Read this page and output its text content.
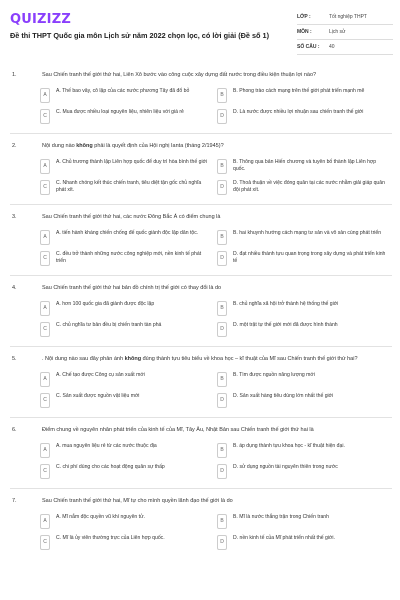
QUIZIZZ
Đề thi THPT Quốc gia môn Lịch sử năm 2022 chọn lọc, có lời giải (Đề số 1)
LỚP :	Tốt nghiệp THPT
MÔN :	Lịch sử
SỐ CÂU :	40
1.	Sau Chiến tranh thế giới thứ hai, Liên Xô bước vào công cuộc xây dựng đất nước trong điều kiện thuận lợi nào?
A
A. Thế bao vây, cô lập của các nước phương Tây đã đổ bỏ
B
B. Phong trào cách mạng trên thế giới phát triển mạnh mẽ
C
C. Mua được nhiều loại nguyên liệu, nhiên liệu với giá rẻ
D
D. Là nước được nhiều lợi nhuận sau chiến tranh thế giới
2.	Nội dung nào không phải là quyết định của Hội nghị Ianta (tháng 2/1945)?
A
A. Chủ trương thành lập Liên hợp quốc để duy trì hòa bình thế giới
B
B. Thông qua bản Hiến chương và tuyên bố thành lập Liên hợp quốc.
C
C. Nhanh chóng kết thúc chiến tranh, tiêu diệt tận gốc chủ nghĩa phát xít.
D
D. Thoả thuận về việc đóng quân tại các nước nhằm giải giáp quân đội phát xít.
3.	Sau Chiến tranh thế giới thứ hai, các nước Đông Bắc Á có điểm chung là
A
A. tiến hành kháng chiến chống đế quốc giành độc lập dân tộc.
B
B. hai khuynh hướng cách mạng tư sản và vô sản cùng phát triển
C
C. đều trở thành những nước công nghiệp mới, nền kinh tế phát triển
D
D. đạt nhiều thành tựu quan trọng trong xây dựng và phát triển kinh tế
4.	Sau Chiến tranh thế giới thứ hai bản đồ chính trị thế giới có thay đổi là do
A
A. hơn 100 quốc gia đã giành được độc lập
B
B. chủ nghĩa xã hội trở thành hệ thống thế giới
C
C. chủ nghĩa tư bản đều bị chiến tranh tàn phá
D
D. một trật tự thế giới mới đã được hình thành
5.	. Nội dung nào sau đây phản ánh không đúng thành tựu tiêu biểu về khoa học – kĩ thuật của Mĩ sau Chiến tranh thế giới thứ hai?
A
A. Chế tạo được Công cụ sản xuất mới
B
B. Tìm được nguồn năng lượng mới
C
C. Sản xuất được nguồn vật liệu mới
D
D. Sản xuất hàng tiêu dùng lớn nhất thế giới
6.	Điểm chung về nguyên nhân phát triển của kinh tế của Mĩ, Tây Âu, Nhật Bản sau Chiến tranh thế giới thứ hai là
A
A. mua nguyên liệu rẻ từ các nước thuộc địa
B
B. áp dụng thành tựu khoa học - kĩ thuật hiện đại.
C
C. chi phí dùng cho các hoạt động quân sự thấp
D
D. sử dụng nguồn tài nguyên thiên trong nước
7.	Sau Chiến tranh thế giới thứ hai, Mĩ tự cho mình quyền lãnh đạo thế giới là do
A
A. Mĩ nắm độc quyền vũ khí nguyên tử.
B
B. Mĩ là nước thắng trận trong Chiến tranh
C
C. Mĩ là ủy viên thường trực của Liên hợp quốc.
D
D. nền kinh tế của Mĩ phát triển nhất thế giới.
